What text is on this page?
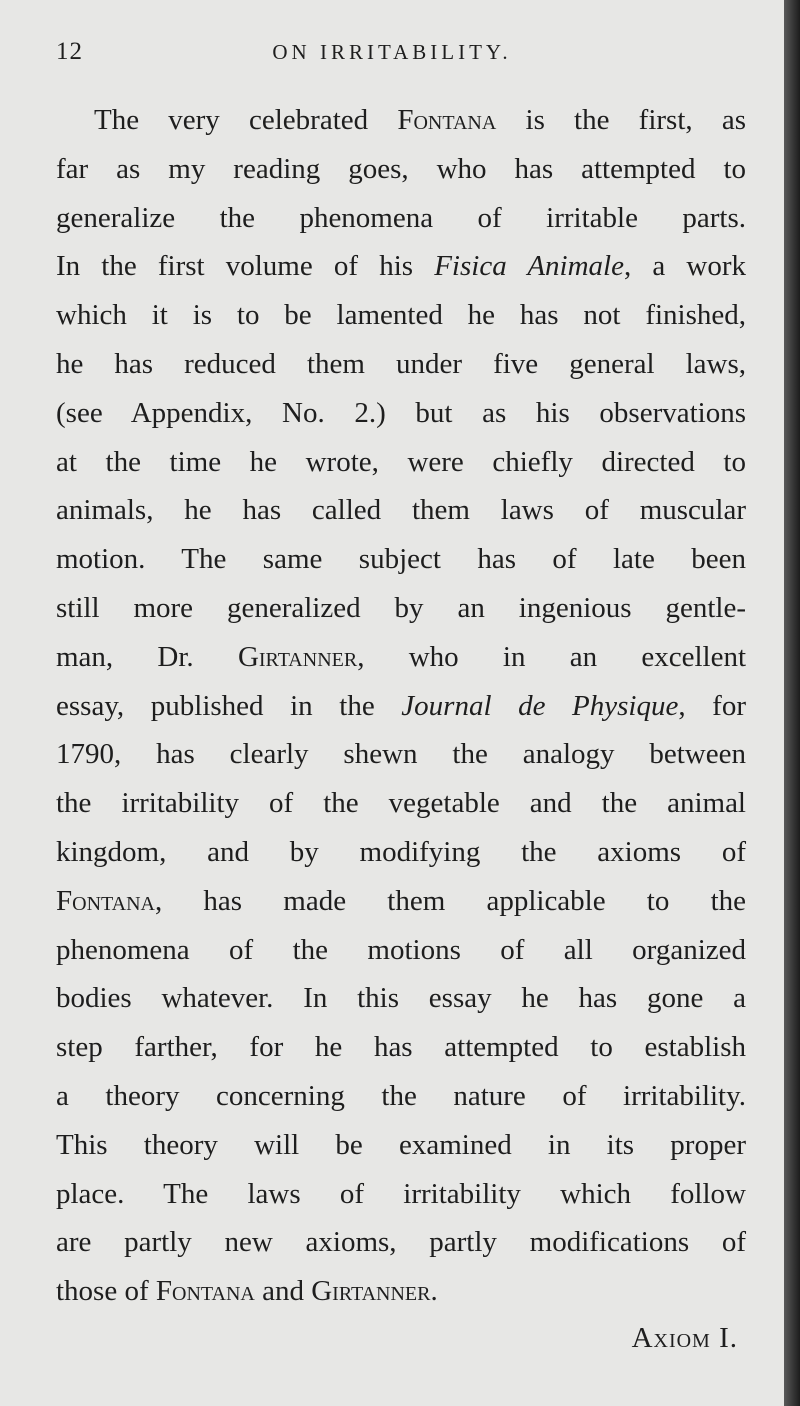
12	ON IRRITABILITY.
The very celebrated Fontana is the first, as
far as my reading goes, who has attempted to
generalize the phenomena of irritable parts.
In the first volume of his Fisica Animale, a work
which it is to be lamented he has not finished,
he has reduced them under five general laws,
(see Appendix, No. 2.) but as his observations
at the time he wrote, were chiefly directed to
animals, he has called them laws of muscular
motion. The same subject has of late been
still more generalized by an ingenious gentle-
man, Dr. Girtanner, who in an excellent
essay, published in the Journal de Physique, for
1790, has clearly shewn the analogy between
the irritability of the vegetable and the animal
kingdom, and by modifying the axioms of
Fontana, has made them applicable to the
phenomena of the motions of all organized
bodies whatever. In this essay he has gone a
step farther, for he has attempted to establish
a theory concerning the nature of irritability.
This theory will be examined in its proper
place. The laws of irritability which follow
are partly new axioms, partly modifications of
those of Fontana and Girtanner.
Axiom I.
